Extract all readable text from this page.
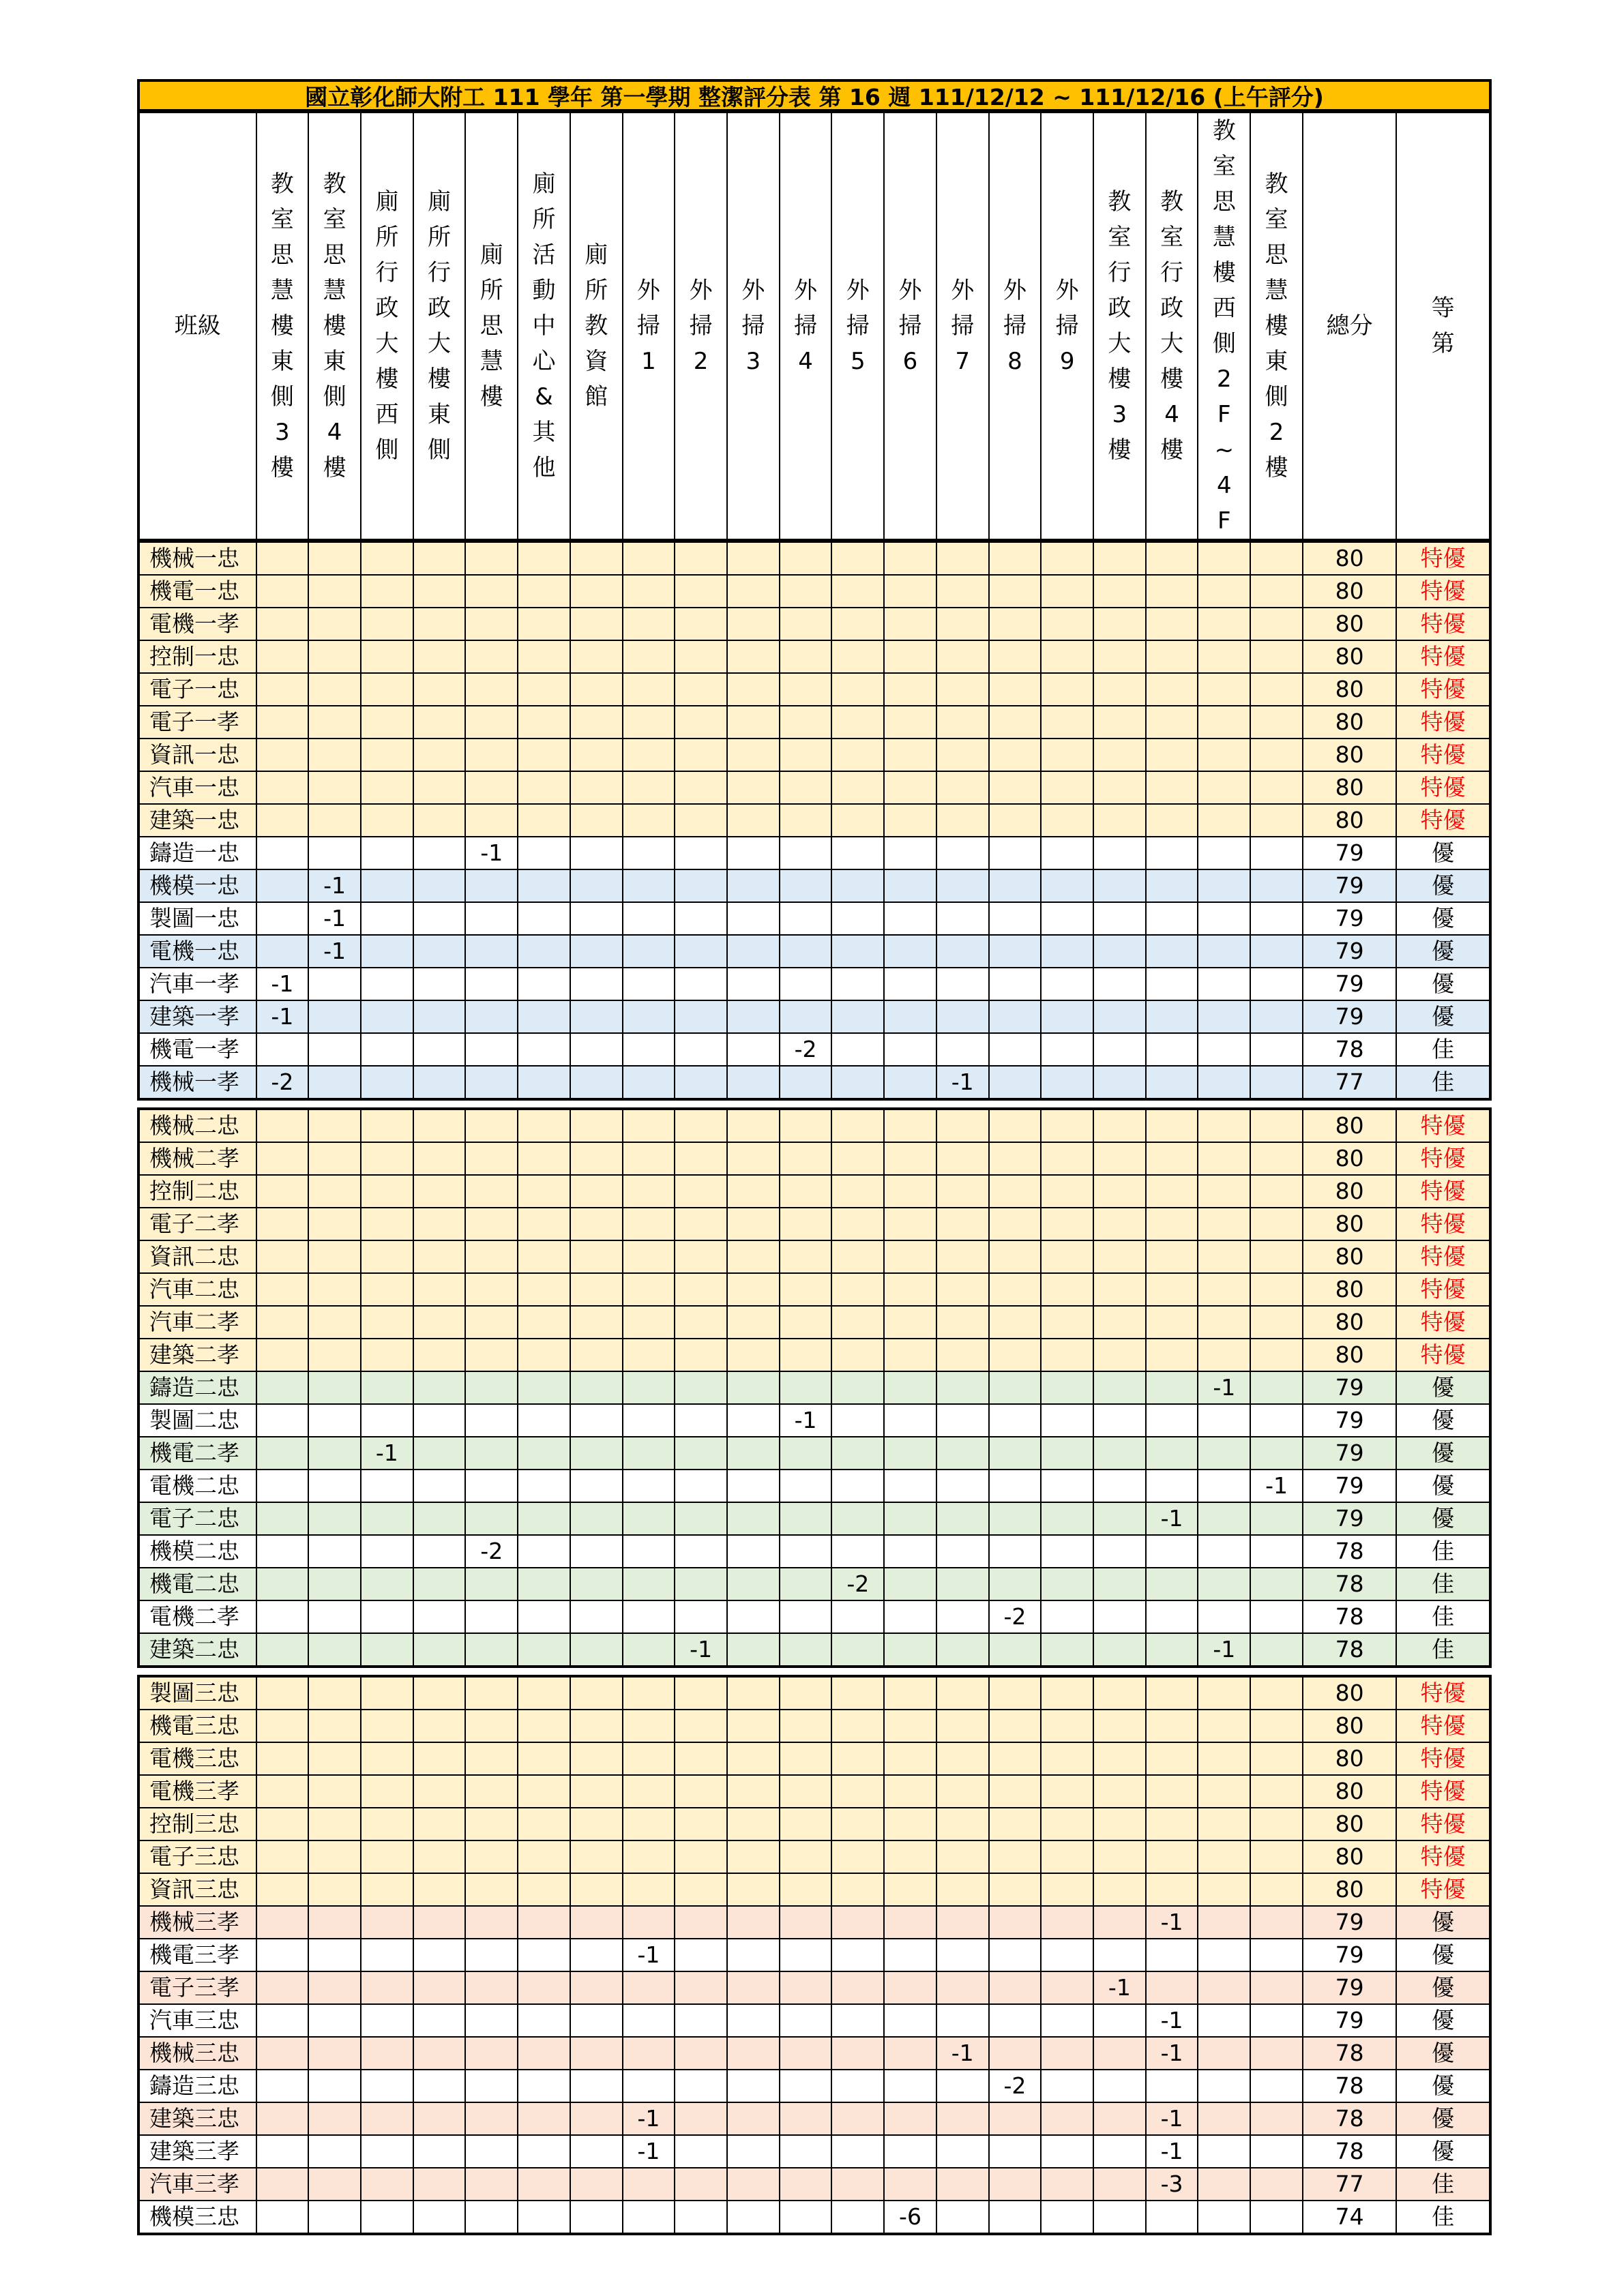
國立彰化師大附工 111 學年 第一學期 整潔評分表 第 16 週 111/12/12 ~ 111/12/16 (上午評分)
班級	教室思慧樓東側3樓	教室思慧樓東側4樓	廁所行政大樓西側	廁所行政大樓東側	廁所思慧樓	廁所活動中心&其他	廁所教資館	外掃1	外掃2	外掃3	外掃4	外掃5	外掃6	外掃7	外掃8	外掃9	教室行政大樓3樓	教室行政大樓4樓	教室思慧樓西側2F~4F	教室思慧樓東側2樓	總分	等第
機械一忠																					80	特優
機電一忠																					80	特優
電機一孝																					80	特優
控制一忠																					80	特優
電子一忠																					80	特優
電子一孝																					80	特優
資訊一忠																					80	特優
汽車一忠																					80	特優
建築一忠																					80	特優
鑄造一忠					-1																79	優
機模一忠		-1																			79	優
製圖一忠		-1																			79	優
電機一忠		-1																			79	優
汽車一孝	-1																				79	優
建築一孝	-1																				79	優
機電一孝											-2										78	佳
機械一孝	-2													-1							77	佳
機械二忠																					80	特優
機械二孝																					80	特優
控制二忠																					80	特優
電子二孝																					80	特優
資訊二忠																					80	特優
汽車二忠																					80	特優
汽車二孝																					80	特優
建築二孝																					80	特優
鑄造二忠																			-1		79	優
製圖二忠											-1										79	優
機電二孝			-1																		79	優
電機二忠																				-1	79	優
電子二忠																		-1			79	優
機模二忠					-2																78	佳
機電二忠												-2									78	佳
電機二孝															-2						78	佳
建築二忠									-1										-1		78	佳
製圖三忠																					80	特優
機電三忠																					80	特優
電機三忠																					80	特優
電機三孝																					80	特優
控制三忠																					80	特優
電子三忠																					80	特優
資訊三忠																					80	特優
機械三孝																		-1			79	優
機電三孝								-1													79	優
電子三孝																	-1				79	優
汽車三忠																		-1			79	優
機械三忠														-1				-1			78	優
鑄造三忠															-2						78	優
建築三忠								-1										-1			78	優
建築三孝								-1										-1			78	優
汽車三孝																		-3			77	佳
機模三忠													-6								74	佳
